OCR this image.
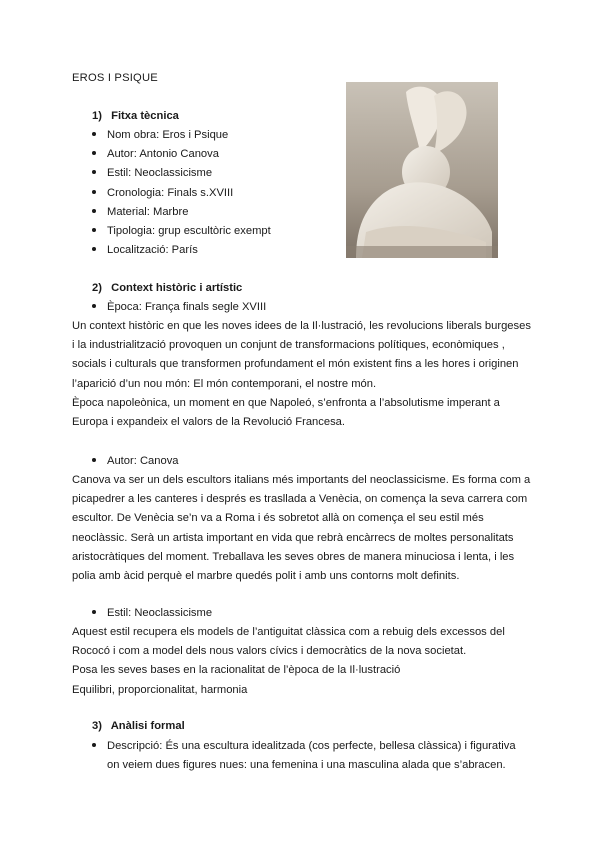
EROS I PSIQUE
1) Fitxa tècnica
Nom obra: Eros i Psique
Autor: Antonio Canova
Estil: Neoclassicisme
Cronologia: Finals s.XVIII
Material: Marbre
Tipologia: grup escultòric exempt
Localització: París
2) Context històric i artístic
Època: França finals segle XVIII
Un context històric en que les noves idees de la Il·lustració, les revolucions liberals burgeses
i la industrialització provoquen un conjunt de transformacions polítiques, econòmiques ,
socials i culturals que transformen profundament el món existent fins a les hores i originen
l’aparició d’un nou món: El món contemporani, el nostre món.
Època napoleònica, un moment en que Napoleó, s’enfronta a l’absolutisme imperant a
Europa i expandeix el valors de la Revolució Francesa.
Autor: Canova
Canova va ser un dels escultors italians més importants del neoclassicisme. Es forma com a
picapedrer a les canteres i després es trasllada a Venècia, on comença la seva carrera com
escultor. De Venècia se’n va a Roma i és sobretot allà on comença el seu estil més
neoclàssic. Serà un artista important en vida que rebrà encàrrecs de moltes personalitats
aristocràtiques del moment. Treballava les seves obres de manera minuciosa i lenta, i les
polia amb àcid perquè el marbre quedés polit i amb uns contorns molt definits.
Estil: Neoclassicisme
Aquest estil recupera els models de l’antiguitat clàssica com a rebuig dels excessos del
Rococó i com a model dels nous valors cívics i democràtics de la nova societat.
Posa les seves bases en la racionalitat de l’època de la Il·lustració
Equilibri, proporcionalitat, harmonia
3) Anàlisi formal
Descripció: És una escultura idealitzada (cos perfecte, bellesa clàssica) i figurativa
on veiem dues figures nues: una femenina i una masculina alada que s’abracen.
